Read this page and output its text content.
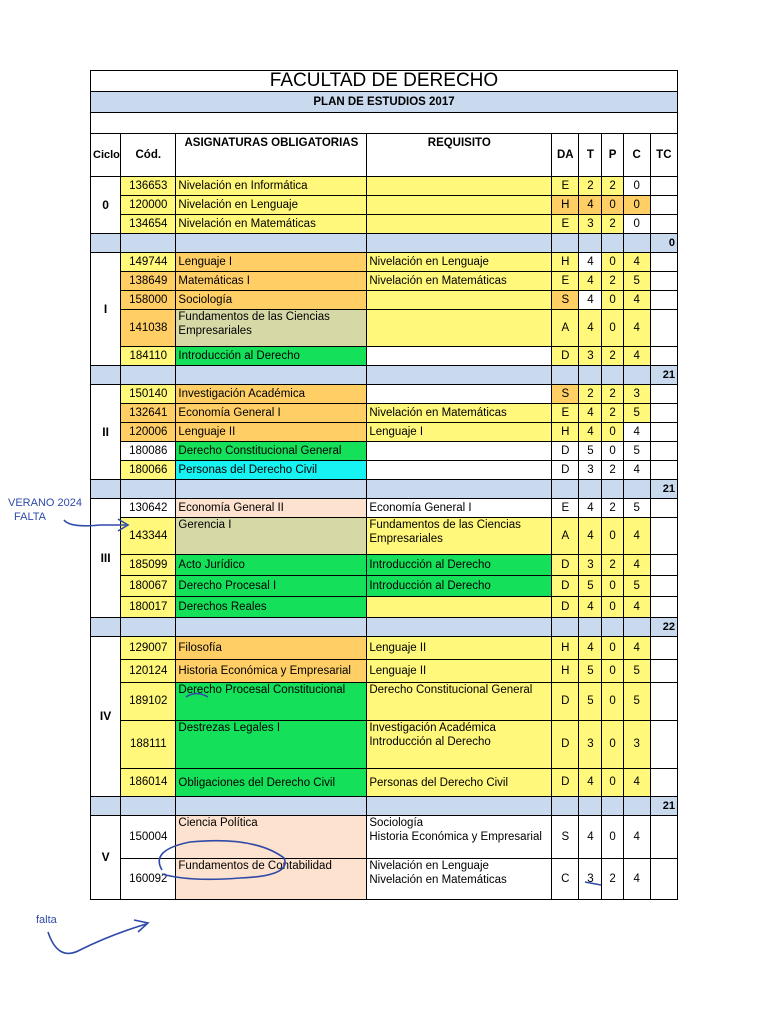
FACULTAD DE DERECHO								
PLAN DE ESTUDIOS 2017								

Ciclo	Cód.	ASIGNATURAS OBLIGATORIAS	REQUISITO	DA	T	P	C	TC
0	136653	Nivelación en Informática		E	2	2	0	
	120000	Nivelación en Lenguaje		H	4	0	0	
	134654	Nivelación en Matemáticas		E	3	2	0	
								0
I	149744	Lenguaje I	Nivelación en Lenguaje	H	4	0	4	
	138649	Matemáticas I	Nivelación en Matemáticas	E	4	2	5	
	158000	Sociología		S	4	0	4	
	141038	Fundamentos de las Ciencias Empresariales		A	4	0	4	
	184110	Introducción al Derecho		D	3	2	4	
								21
II	150140	Investigación Académica		S	2	2	3	
	132641	Economía General I	Nivelación en Matemáticas	E	4	2	5	
	120006	Lenguaje II	Lenguaje I	H	4	0	4	
	180086	Derecho Constitucional General		D	5	0	5	
	180066	Personas del Derecho Civil		D	3	2	4	
								21
III	130642	Economía General II	Economía General I	E	4	2	5	
	143344	Gerencia I	Fundamentos de las Ciencias Empresariales	A	4	0	4	
	185099	Acto Jurídico	Introducción al Derecho	D	3	2	4	
	180067	Derecho Procesal I	Introducción al Derecho	D	5	0	5	
	180017	Derechos Reales		D	4	0	4	
								22
IV	129007	Filosofía	Lenguaje II	H	4	0	4	
	120124	Historia Económica y Empresarial	Lenguaje II	H	5	0	5	
	189102	Derecho Procesal Constitucional	Derecho Constitucional General	D	5	0	5	
	188111	Destrezas Legales I	Investigación Académica
Introducción al Derecho	D	3	0	3	
	186014	Obligaciones del Derecho Civil	Personas del Derecho Civil	D	4	0	4	
								21
V	150004	Ciencia Política	Sociología
Historia Económica y Empresarial	S	4	0	4	
	160092	Fundamentos de Contabilidad	Nivelación en Lenguaje
Nivelación en Matemáticas	C	3	2	4	
VERANO 2024
FALTA
falta
